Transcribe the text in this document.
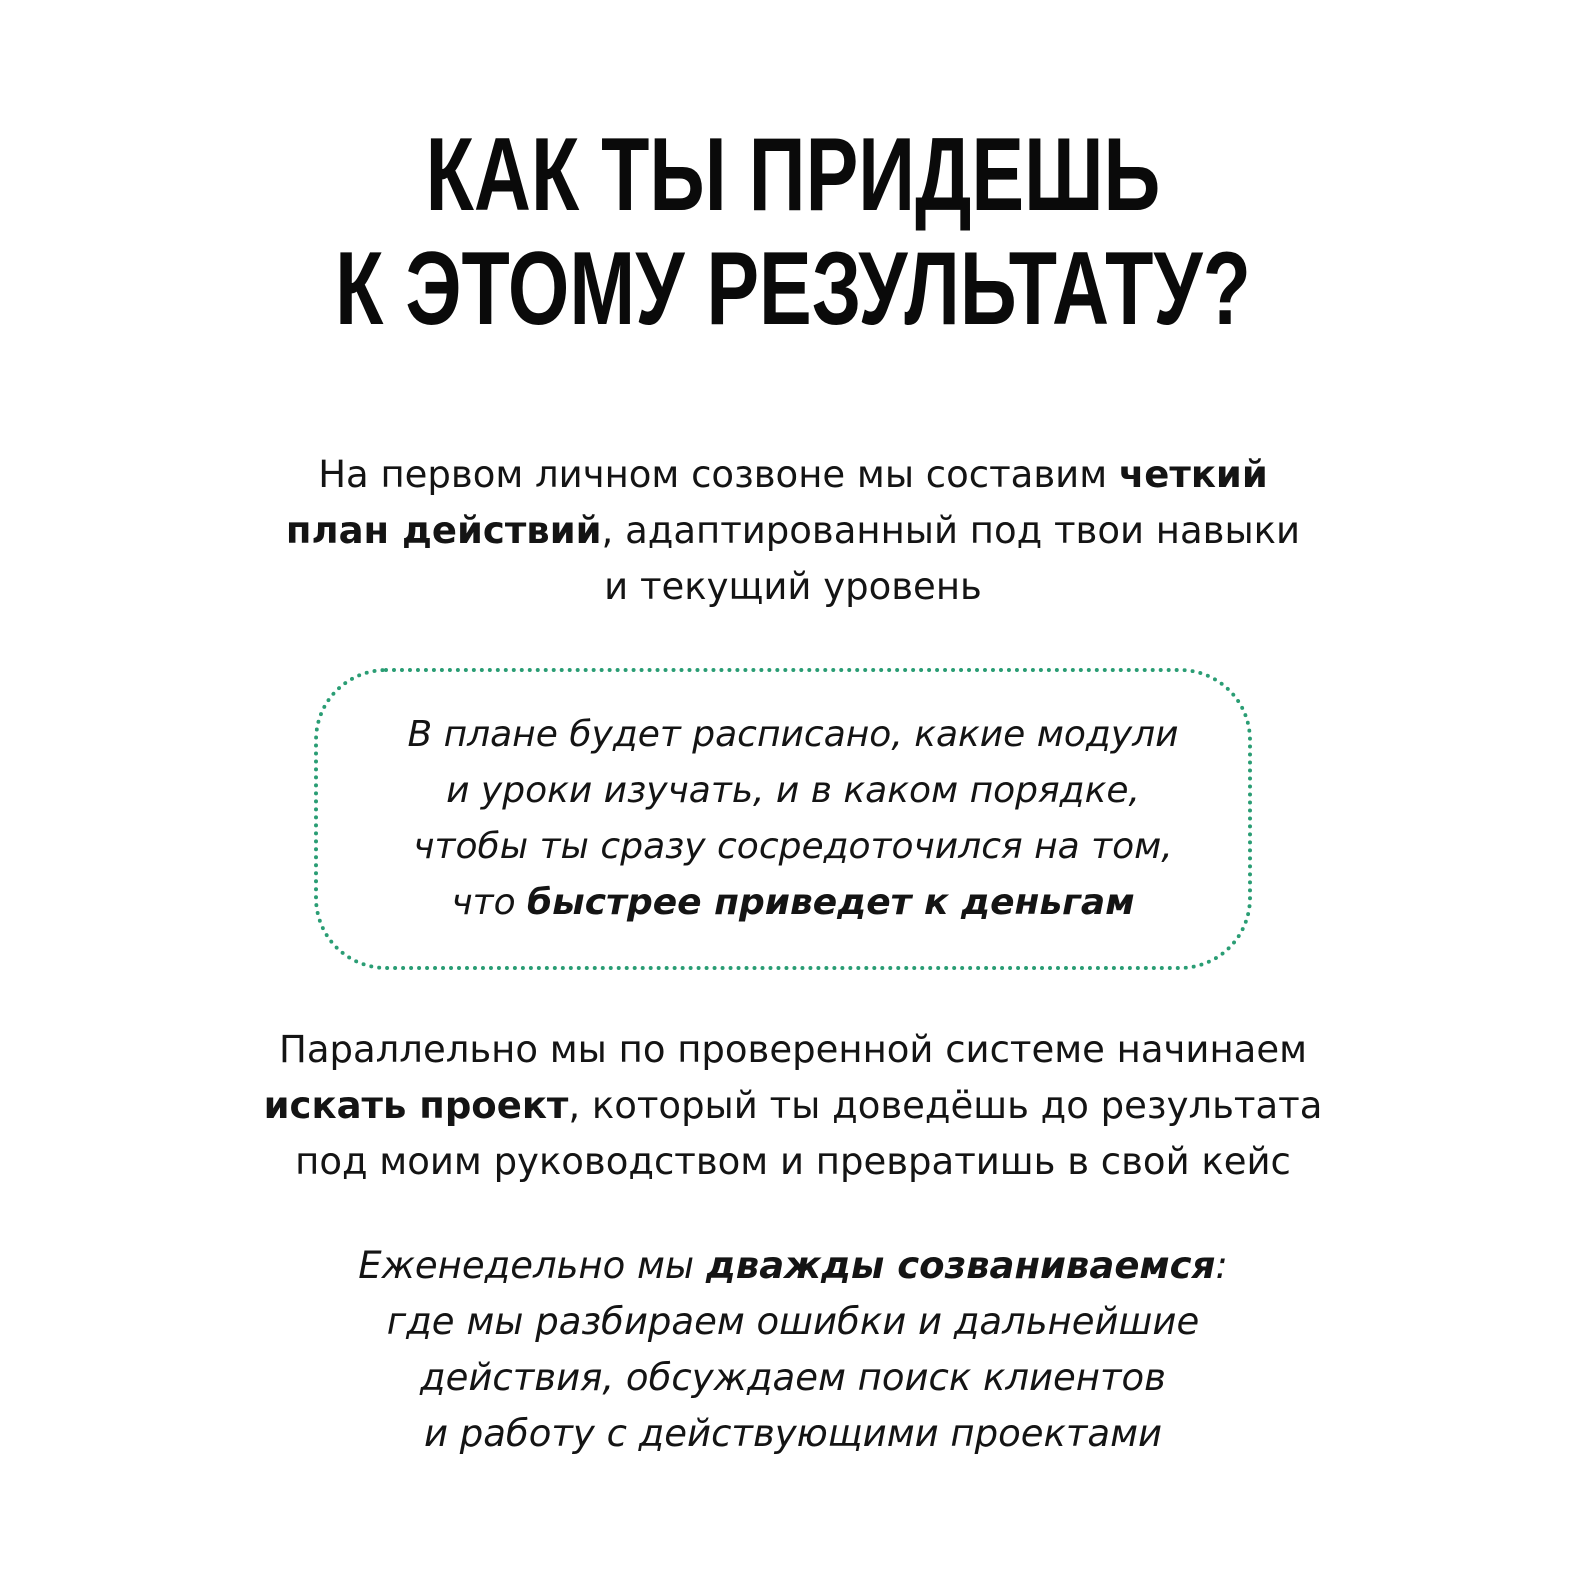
КАК ТЫ ПРИДЕШЬ
К ЭТОМУ РЕЗУЛЬТАТУ?

На первом личном созвоне мы составим четкий
план действий, адаптированный под твои навыки
и текущий уровень

В плане будет расписано, какие модули
и уроки изучать, и в каком порядке,
чтобы ты сразу сосредоточился на том,
что быстрее приведет к деньгам

Параллельно мы по проверенной системе начинаем
искать проект, который ты доведёшь до результата
под моим руководством и превратишь в свой кейс

Еженедельно мы дважды созваниваемся:
где мы разбираем ошибки и дальнейшие
действия, обсуждаем поиск клиентов
и работу с действующими проектами
